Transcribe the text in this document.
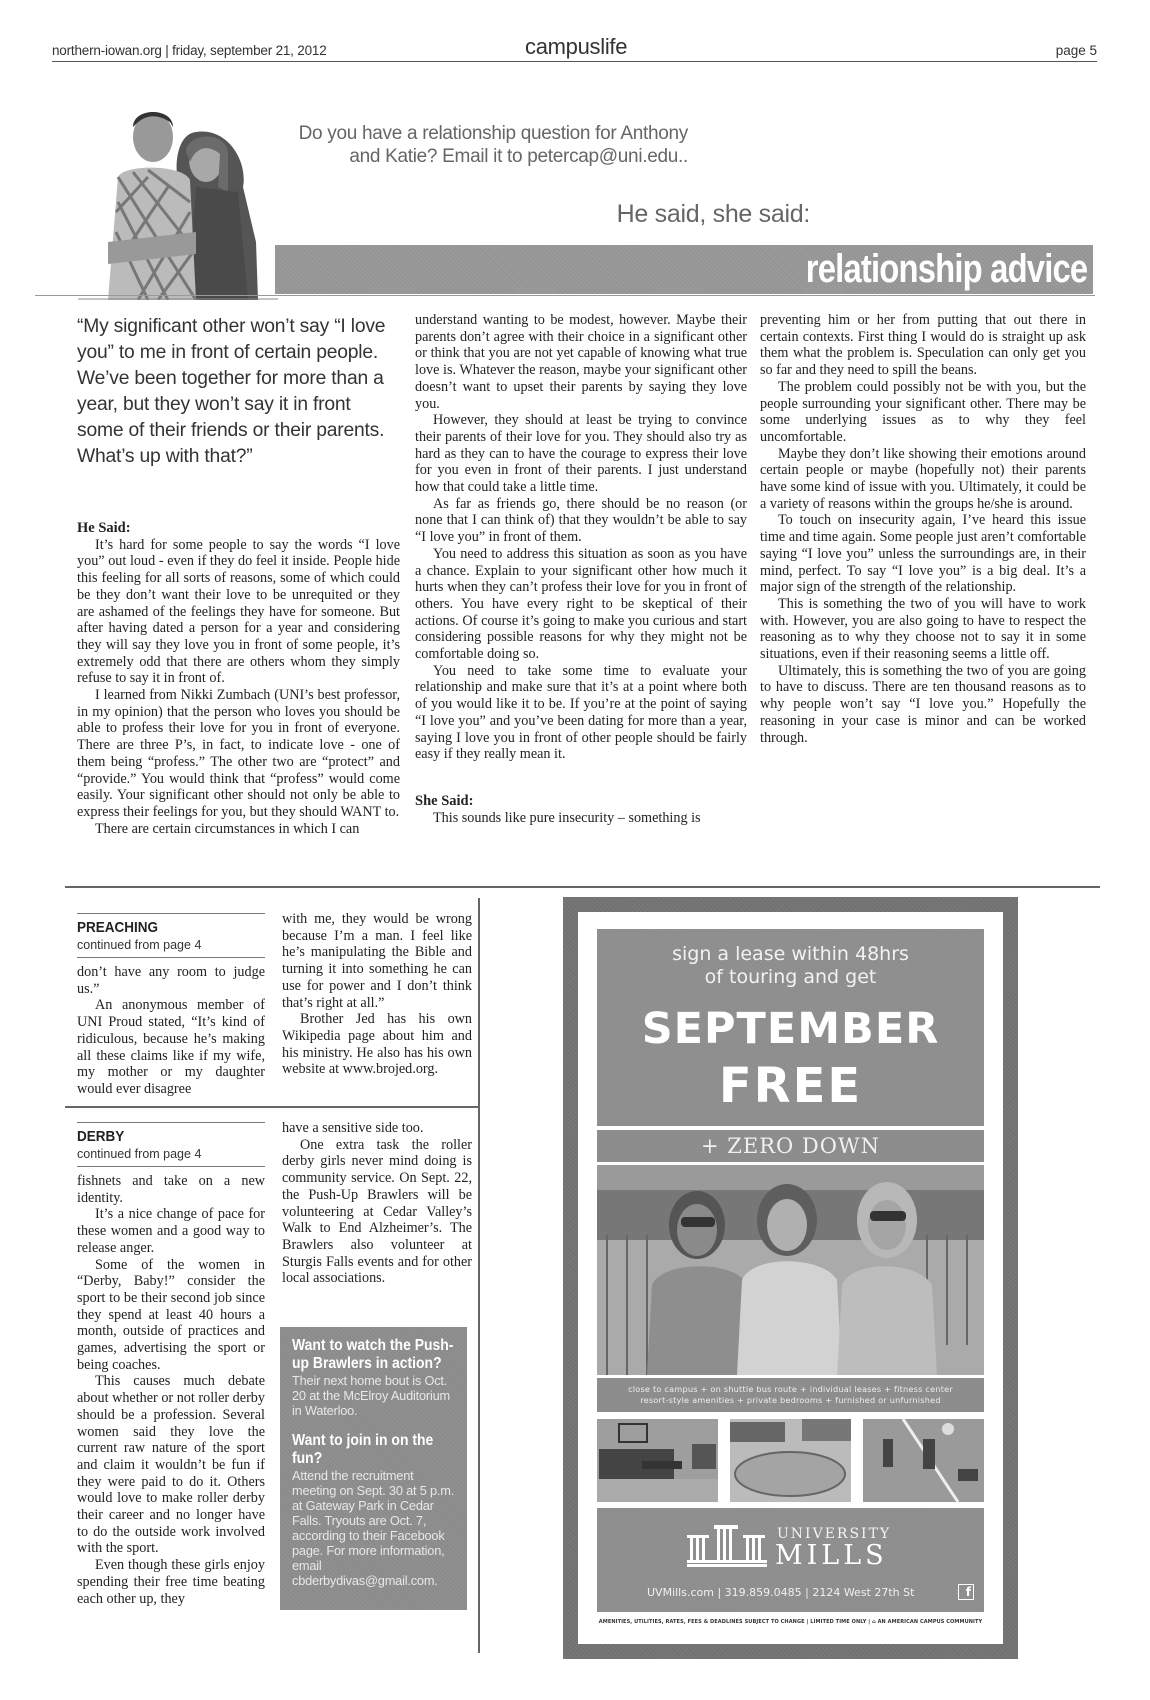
northern-iowan.org | friday, september 21, 2012	campuslife	page 5
Do you have a relationship question for Anthony
and Katie? Email it to petercap@uni.edu..
He said, she said:
relationship advice
“My significant other won’t say “I love you” to me in front of certain people. We’ve been together for more than a year, but they won’t say it in front some of their friends or their parents. What’s up with that?”

He Said:

It’s hard for some people to say the words “I love you” out loud - even if they do feel it inside. People hide this feeling for all sorts of reasons, some of which could be they don’t want their love to be unrequited or they are ashamed of the feelings they have for someone. But after having dated a person for a year and considering they will say they love you in front of some people, it’s extremely odd that there are others whom they simply refuse to say it in front of.

I learned from Nikki Zumbach (UNI’s best professor, in my opinion) that the person who loves you should be able to profess their love for you in front of everyone. There are three P’s, in fact, to indicate love - one of them being “profess.” The other two are “protect” and “provide.” You would think that “profess” would come easily. Your significant other should not only be able to express their feelings for you, but they should WANT to.

There are certain circumstances in which I can

understand wanting to be modest, however. Maybe their parents don’t agree with their choice in a significant other or think that you are not yet capable of knowing what true love is. Whatever the reason, maybe your significant other doesn’t want to upset their parents by saying they love you.

However, they should at least be trying to convince their parents of their love for you. They should also try as hard as they can to have the courage to express their love for you even in front of their parents. I just understand how that could take a little time.

As far as friends go, there should be no reason (or none that I can think of) that they wouldn’t be able to say “I love you” in front of them.

You need to address this situation as soon as you have a chance. Explain to your significant other how much it hurts when they can’t profess their love for you in front of others. You have every right to be skeptical of their actions. Of course it’s going to make you curious and start considering possible reasons for why they might not be comfortable doing so.

You need to take some time to evaluate your relationship and make sure that it’s at a point where both of you would like it to be. If you’re at the point of saying “I love you” and you’ve been dating for more than a year, saying I love you in front of other people should be fairly easy if they really mean it.

She Said:

This sounds like pure insecurity – something is

preventing him or her from putting that out there in certain contexts. First thing I would do is straight up ask them what the problem is. Speculation can only get you so far and they need to spill the beans.

The problem could possibly not be with you, but the people surrounding your significant other. There may be some underlying issues as to why they feel uncomfortable.

Maybe they don’t like showing their emotions around certain people or maybe (hopefully not) their parents have some kind of issue with you. Ultimately, it could be a variety of reasons within the groups he/she is around.

To touch on insecurity again, I’ve heard this issue time and time again. Some people just aren’t comfortable saying “I love you” unless the surroundings are, in their mind, perfect. To say “I love you” is a big deal. It’s a major sign of the strength of the relationship.

This is something the two of you will have to work with. However, you are also going to have to respect the reasoning as to why they choose not to say it in some situations, even if their reasoning seems a little off.

Ultimately, this is something the two of you are going to have to discuss. There are ten thousand reasons as to why people won’t say “I love you.” Hopefully the reasoning in your case is minor and can be worked through.

PREACHING
continued from page 4

don’t have any room to judge us.”

An anonymous member of UNI Proud stated, “It’s kind of ridiculous, because he’s making all these claims like if my wife, my mother or my daughter would ever disagree

with me, they would be wrong because I’m a man. I feel like he’s manipulating the Bible and turning it into something he can use for power and I don’t think that’s right at all.”

Brother Jed has his own Wikipedia page about him and his ministry. He also has his own website at www.brojed.org.

DERBY
continued from page 4

fishnets and take on a new identity.

It’s a nice change of pace for these women and a good way to release anger.

Some of the women in “Derby, Baby!” consider the sport to be their second job since they spend at least 40 hours a month, outside of practices and games, advertising the sport or being coaches.

This causes much debate about whether or not roller derby should be a profession. Several women said they love the current raw nature of the sport and claim it wouldn’t be fun if they were paid to do it. Others would love to make roller derby their career and no longer have to do the outside work involved with the sport.

Even though these girls enjoy spending their free time beating each other up, they

have a sensitive side too.

One extra task the roller derby girls never mind doing is community service. On Sept. 22, the Push-Up Brawlers will be volunteering at Cedar Valley’s Walk to End Alzheimer’s. The Brawlers also volunteer at Sturgis Falls events and for other local associations.

Want to watch the Push-up Brawlers in action?
Their next home bout is Oct. 20 at the McElroy Auditorium in Waterloo.
Want to join in on the fun?
Attend the recruitment meeting on Sept. 30 at 5 p.m. at Gateway Park in Cedar Falls. Tryouts are Oct. 7, according to their Facebook page. For more information, email cbderbydivas@gmail.com.
sign a lease within 48hrs
of touring and get
SEPTEMBER
FREE
+ ZERO DOWN
close to campus + on shuttle bus route + individual leases + fitness center
resort-style amenities + private bedrooms + furnished or unfurnished
UNIVERSITY
MILLS
UVMills.com | 319.859.0485 | 2124 West 27th St	f
AMENITIES, UTILITIES, RATES, FEES & DEADLINES SUBJECT TO CHANGE | LIMITED TIME ONLY | ⌂ AN AMERICAN CAMPUS COMMUNITY
